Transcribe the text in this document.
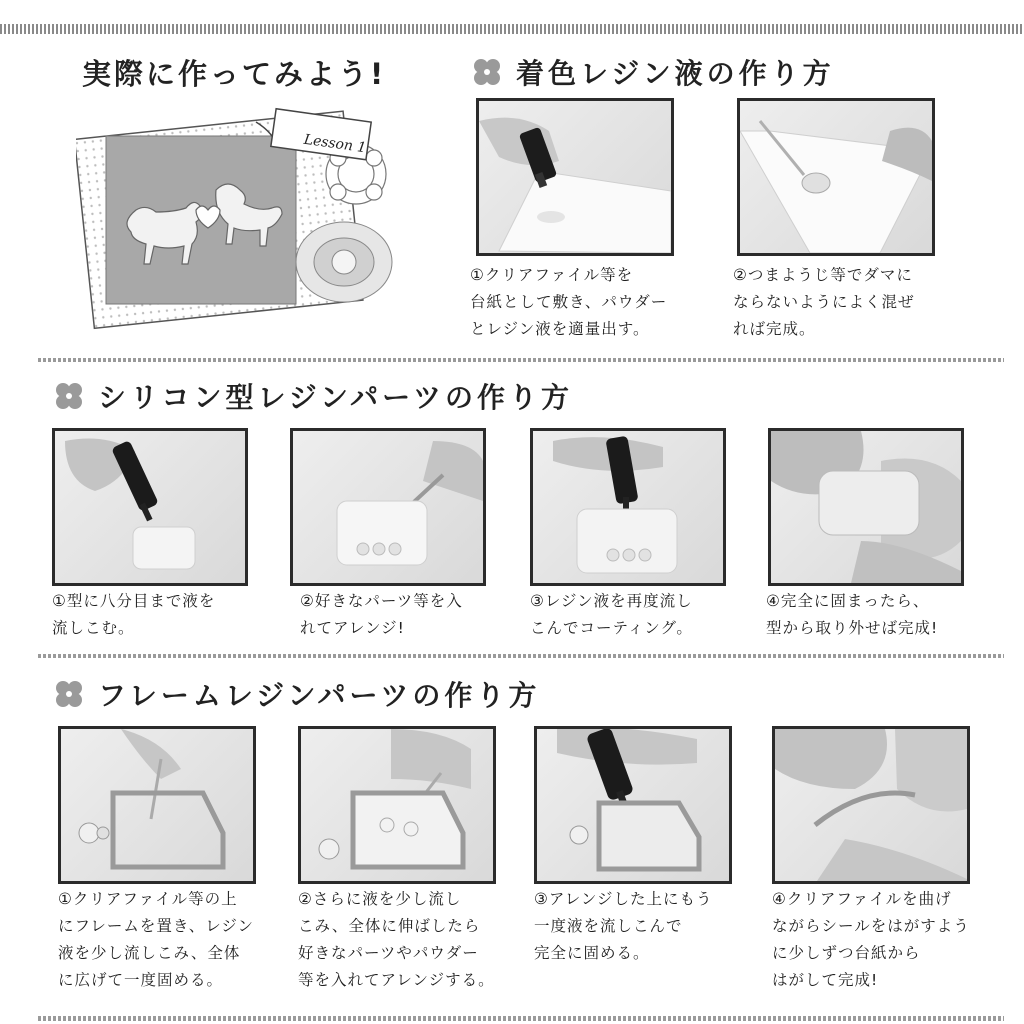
実際に作ってみよう!
Lesson 1
着色レジン液の作り方
①クリアファイル等を
台紙として敷き、パウダー
とレジン液を適量出す。
②つまようじ等でダマに
ならないようによく混ぜ
れば完成。
シリコン型レジンパーツの作り方
①型に八分目まで液を
流しこむ。
②好きなパーツ等を入
れてアレンジ!
③レジン液を再度流し
こんでコーティング。
④完全に固まったら、
型から取り外せば完成!
フレームレジンパーツの作り方
①クリアファイル等の上
にフレームを置き、レジン
液を少し流しこみ、全体
に広げて一度固める。
②さらに液を少し流し
こみ、全体に伸ばしたら
好きなパーツやパウダー
等を入れてアレンジする。
③アレンジした上にもう
一度液を流しこんで
完全に固める。
④クリアファイルを曲げ
ながらシールをはがすよう
に少しずつ台紙から
はがして完成!
